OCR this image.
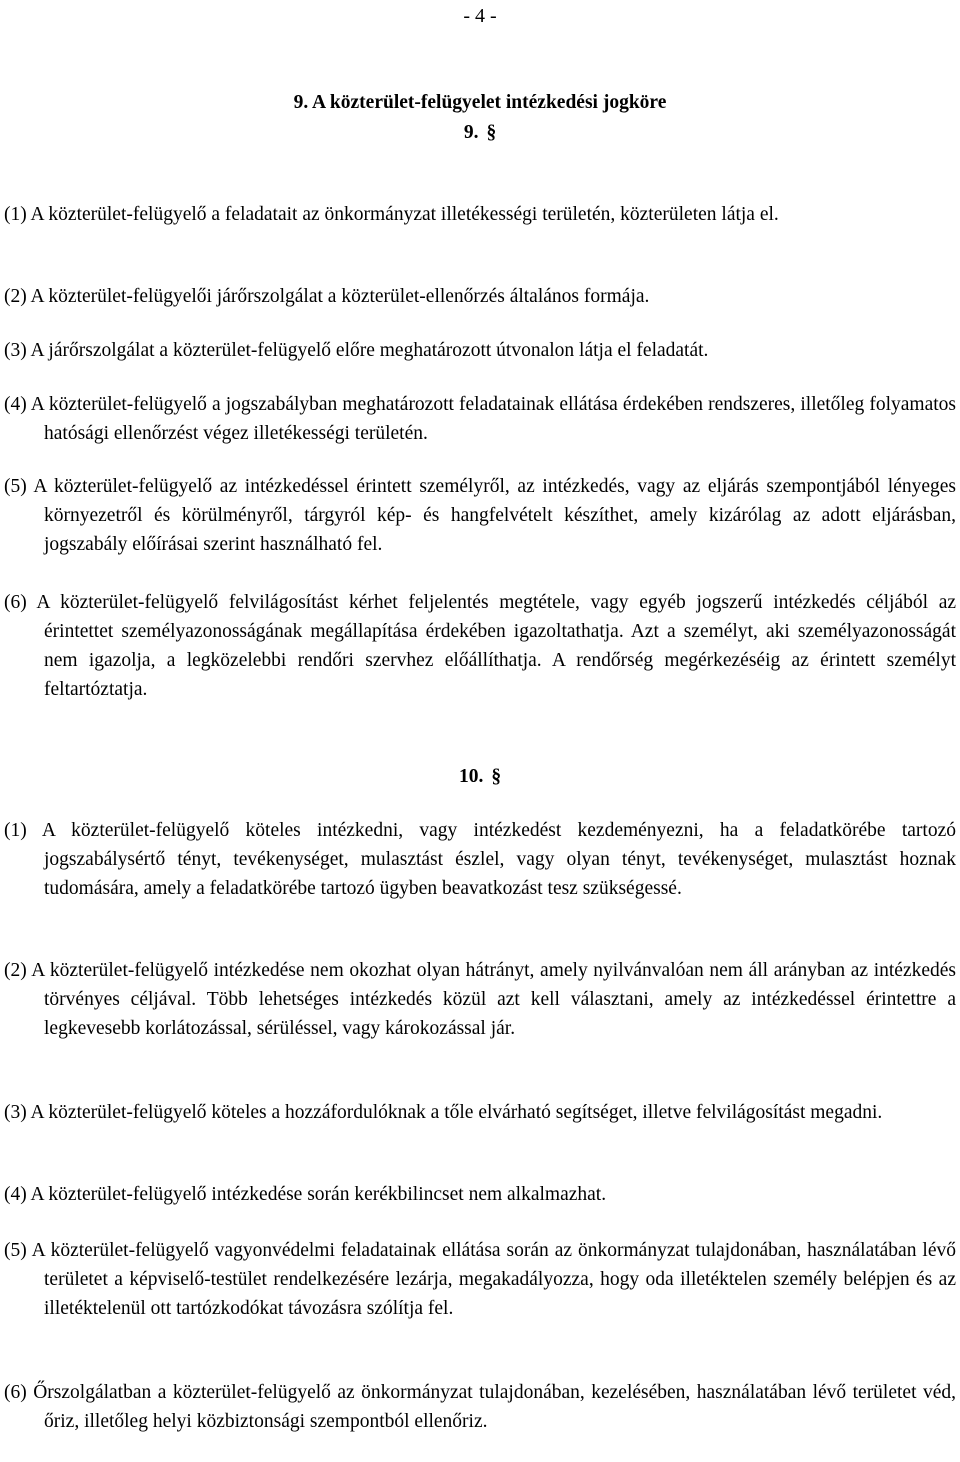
- 4 -
9. A közterület-felügyelet intézkedési jogköre
9. §
(1) A közterület-felügyelő a feladatait az önkormányzat illetékességi területén, közterületen látja el.
(2) A közterület-felügyelői járőrszolgálat a közterület-ellenőrzés általános formája.
(3) A járőrszolgálat a közterület-felügyelő előre meghatározott útvonalon látja el feladatát.
(4) A közterület-felügyelő a jogszabályban meghatározott feladatainak ellátása érdekében rendszeres, illetőleg folyamatos hatósági ellenőrzést végez illetékességi területén.
(5) A közterület-felügyelő az intézkedéssel érintett személyről, az intézkedés, vagy az eljárás szempontjából lényeges környezetről és körülményről, tárgyról kép- és hangfelvételt készíthet, amely kizárólag az adott eljárásban, jogszabály előírásai szerint használható fel.
(6) A közterület-felügyelő felvilágosítást kérhet feljelentés megtétele, vagy egyéb jogszerű intézkedés céljából az érintettet személyazonosságának megállapítása érdekében igazoltathatja. Azt a személyt, aki személyazonosságát nem igazolja, a legközelebbi rendőri szervhez előállíthatja. A rendőrség megérkezéséig az érintett személyt feltartóztatja.
10. §
(1) A közterület-felügyelő köteles intézkedni, vagy intézkedést kezdeményezni, ha a feladatkörébe tartozó jogszabálysértő tényt, tevékenységet, mulasztást észlel, vagy olyan tényt, tevékenységet, mulasztást hoznak tudomására, amely a feladatkörébe tartozó ügyben beavatkozást tesz szükségessé.
(2) A közterület-felügyelő intézkedése nem okozhat olyan hátrányt, amely nyilvánvalóan nem áll arányban az intézkedés törvényes céljával. Több lehetséges intézkedés közül azt kell választani, amely az intézkedéssel érintettre a legkevesebb korlátozással, sérüléssel, vagy károkozással jár.
(3) A közterület-felügyelő köteles a hozzáfordulóknak a tőle elvárható segítséget, illetve felvilágosítást megadni.
(4) A közterület-felügyelő intézkedése során kerékbilincset nem alkalmazhat.
(5) A közterület-felügyelő vagyonvédelmi feladatainak ellátása során az önkormányzat tulajdonában, használatában lévő területet a képviselő-testület rendelkezésére lezárja, megakadályozza, hogy oda illetéktelen személy belépjen és az illetéktelenül ott tartózkodókat távozásra szólítja fel.
(6) Őrszolgálatban a közterület-felügyelő az önkormányzat tulajdonában, kezelésében, használatában lévő területet véd, őriz, illetőleg helyi közbiztonsági szempontból ellenőriz.
